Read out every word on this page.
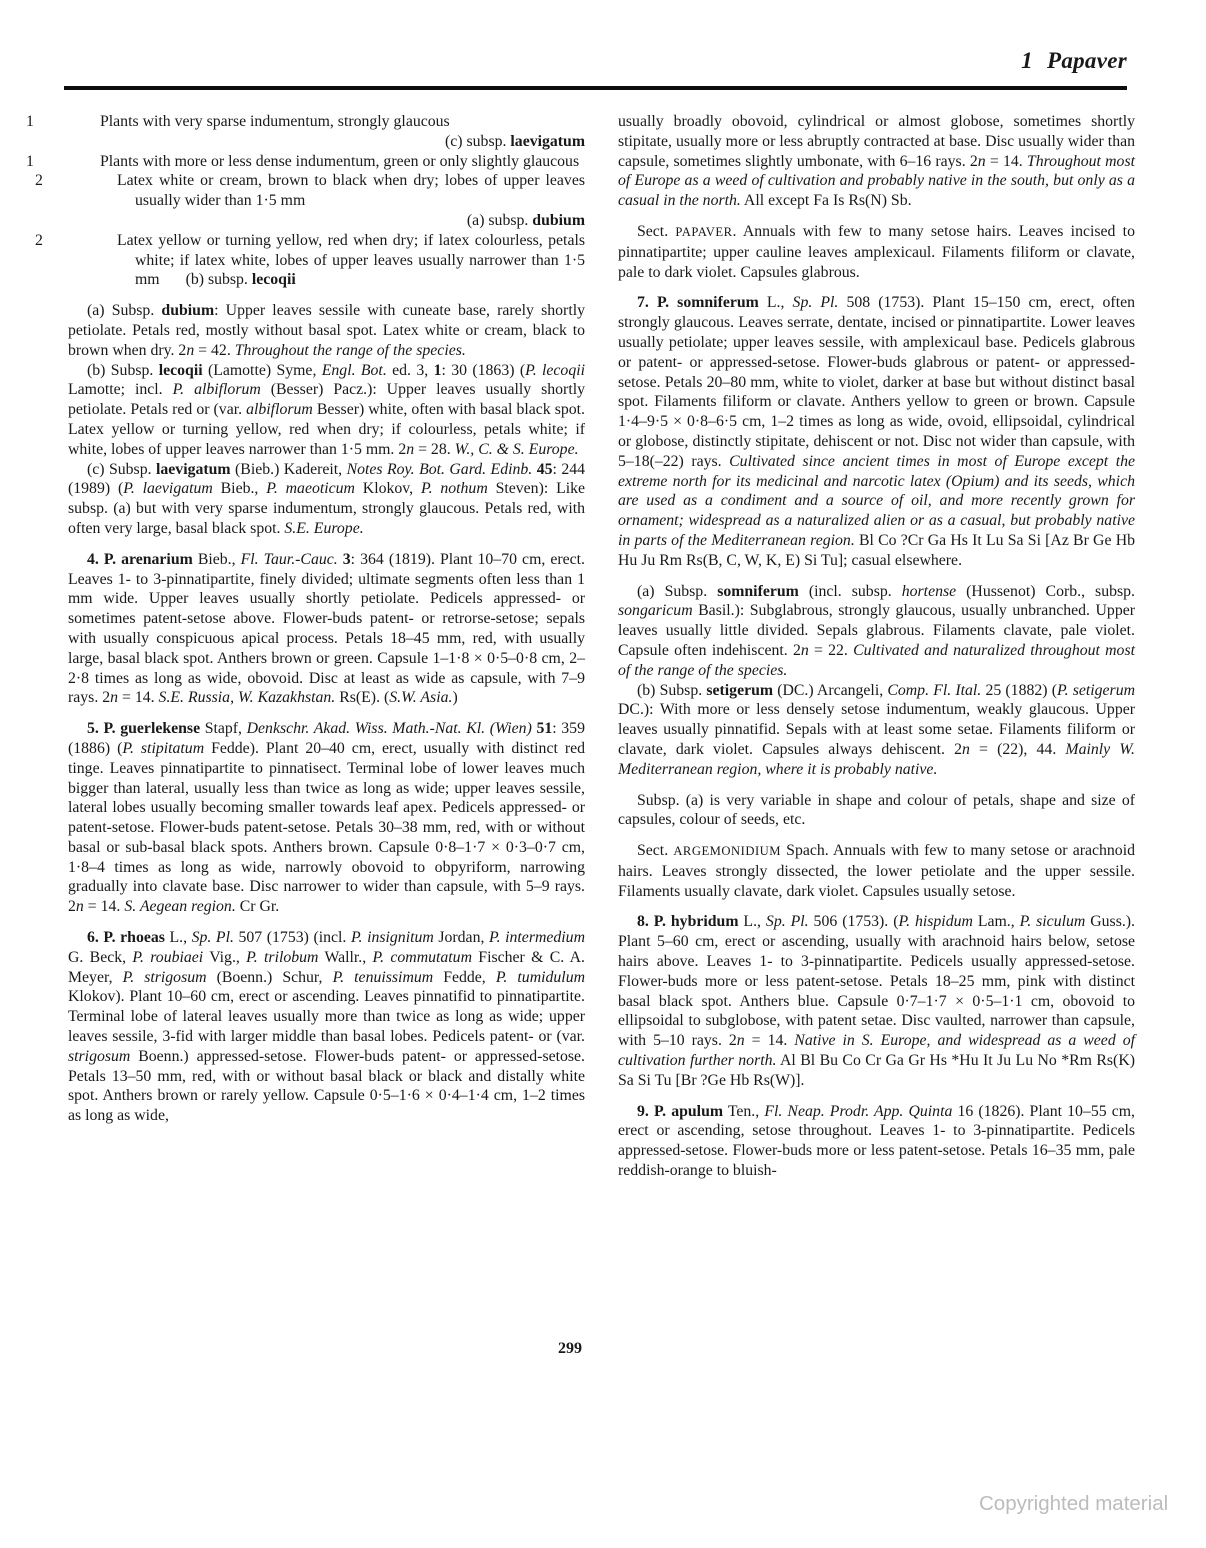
1 Papaver
1	Plants with very sparse indumentum, strongly glaucous
(c) subsp. laevigatum
1	Plants with more or less dense indumentum, green or only slightly glaucous
2	Latex white or cream, brown to black when dry; lobes of upper leaves usually wider than 1·5 mm
(a) subsp. dubium
2	Latex yellow or turning yellow, red when dry; if latex colourless, petals white; if latex white, lobes of upper leaves usually narrower than 1·5 mm (b) subsp. lecoqii
(a) Subsp. dubium: Upper leaves sessile with cuneate base, rarely shortly petiolate. Petals red, mostly without basal spot. Latex white or cream, black to brown when dry. 2n = 42. Throughout the range of the species.
(b) Subsp. lecoqii (Lamotte) Syme, Engl. Bot. ed. 3, 1: 30 (1863) (P. lecoqii Lamotte; incl. P. albiflorum (Besser) Pacz.): Upper leaves usually shortly petiolate. Petals red or (var. albiflorum Besser) white, often with basal black spot. Latex yellow or turning yellow, red when dry; if colourless, petals white; if white, lobes of upper leaves narrower than 1·5 mm. 2n = 28. W., C. & S. Europe.
(c) Subsp. laevigatum (Bieb.) Kadereit, Notes Roy. Bot. Gard. Edinb. 45: 244 (1989) (P. laevigatum Bieb., P. maeoticum Klokov, P. nothum Steven): Like subsp. (a) but with very sparse indumentum, strongly glaucous. Petals red, with often very large, basal black spot. S.E. Europe.
4. P. arenarium Bieb., Fl. Taur.-Cauc. 3: 364 (1819). Plant 10–70 cm, erect. Leaves 1- to 3-pinnatipartite, finely divided; ultimate segments often less than 1 mm wide. Upper leaves usually shortly petiolate. Pedicels appressed- or sometimes patent-setose above. Flower-buds patent- or retrorse-setose; sepals with usually conspicuous apical process. Petals 18–45 mm, red, with usually large, basal black spot. Anthers brown or green. Capsule 1–1·8 × 0·5–0·8 cm, 2–2·8 times as long as wide, obovoid. Disc at least as wide as capsule, with 7–9 rays. 2n = 14. S.E. Russia, W. Kazakhstan. Rs(E). (S.W. Asia.)
5. P. guerlekense Stapf, Denkschr. Akad. Wiss. Math.-Nat. Kl. (Wien) 51: 359 (1886) (P. stipitatum Fedde). Plant 20–40 cm, erect, usually with distinct red tinge. Leaves pinnatipartite to pinnatisect. Terminal lobe of lower leaves much bigger than lateral, usually less than twice as long as wide; upper leaves sessile, lateral lobes usually becoming smaller towards leaf apex. Pedicels appressed- or patent-setose. Flower-buds patent-setose. Petals 30–38 mm, red, with or without basal or sub-basal black spots. Anthers brown. Capsule 0·8–1·7 × 0·3–0·7 cm, 1·8–4 times as long as wide, narrowly obovoid to obpyriform, narrowing gradually into clavate base. Disc narrower to wider than capsule, with 5–9 rays. 2n = 14. S. Aegean region. Cr Gr.
6. P. rhoeas L., Sp. Pl. 507 (1753) (incl. P. insignitum Jordan, P. intermedium G. Beck, P. roubiaei Vig., P. trilobum Wallr., P. commutatum Fischer & C. A. Meyer, P. strigosum (Boenn.) Schur, P. tenuissimum Fedde, P. tumidulum Klokov). Plant 10–60 cm, erect or ascending. Leaves pinnatifid to pinnatipartite. Terminal lobe of lateral leaves usually more than twice as long as wide; upper leaves sessile, 3-fid with larger middle than basal lobes. Pedicels patent- or (var. strigosum Boenn.) appressed-setose. Flower-buds patent- or appressed-setose. Petals 13–50 mm, red, with or without basal black or black and distally white spot. Anthers brown or rarely yellow. Capsule 0·5–1·6 × 0·4–1·4 cm, 1–2 times as long as wide,
usually broadly obovoid, cylindrical or almost globose, sometimes shortly stipitate, usually more or less abruptly contracted at base. Disc usually wider than capsule, sometimes slightly umbonate, with 6–16 rays. 2n = 14. Throughout most of Europe as a weed of cultivation and probably native in the south, but only as a casual in the north. All except Fa Is Rs(N) Sb.
Sect. PAPAVER. Annuals with few to many setose hairs. Leaves incised to pinnatipartite; upper cauline leaves amplexicaul. Filaments filiform or clavate, pale to dark violet. Capsules glabrous.
7. P. somniferum L., Sp. Pl. 508 (1753). Plant 15–150 cm, erect, often strongly glaucous. Leaves serrate, dentate, incised or pinnatipartite. Lower leaves usually petiolate; upper leaves sessile, with amplexicaul base. Pedicels glabrous or patent- or appressed-setose. Flower-buds glabrous or patent- or appressed-setose. Petals 20–80 mm, white to violet, darker at base but without distinct basal spot. Filaments filiform or clavate. Anthers yellow to green or brown. Capsule 1·4–9·5 × 0·8–6·5 cm, 1–2 times as long as wide, ovoid, ellipsoidal, cylindrical or globose, distinctly stipitate, dehiscent or not. Disc not wider than capsule, with 5–18(–22) rays. Cultivated since ancient times in most of Europe except the extreme north for its medicinal and narcotic latex (Opium) and its seeds, which are used as a condiment and a source of oil, and more recently grown for ornament; widespread as a naturalized alien or as a casual, but probably native in parts of the Mediterranean region. Bl Co ?Cr Ga Hs It Lu Sa Si [Az Br Ge Hb Hu Ju Rm Rs(B, C, W, K, E) Si Tu]; casual elsewhere.
(a) Subsp. somniferum (incl. subsp. hortense (Hussenot) Corb., subsp. songaricum Basil.): Subglabrous, strongly glaucous, usually unbranched. Upper leaves usually little divided. Sepals glabrous. Filaments clavate, pale violet. Capsule often indehiscent. 2n = 22. Cultivated and naturalized throughout most of the range of the species.
(b) Subsp. setigerum (DC.) Arcangeli, Comp. Fl. Ital. 25 (1882) (P. setigerum DC.): With more or less densely setose indumentum, weakly glaucous. Upper leaves usually pinnatifid. Sepals with at least some setae. Filaments filiform or clavate, dark violet. Capsules always dehiscent. 2n = (22), 44. Mainly W. Mediterranean region, where it is probably native.
Subsp. (a) is very variable in shape and colour of petals, shape and size of capsules, colour of seeds, etc.
Sect. ARGEMONIDIUM Spach. Annuals with few to many setose or arachnoid hairs. Leaves strongly dissected, the lower petiolate and the upper sessile. Filaments usually clavate, dark violet. Capsules usually setose.
8. P. hybridum L., Sp. Pl. 506 (1753). (P. hispidum Lam., P. siculum Guss.). Plant 5–60 cm, erect or ascending, usually with arachnoid hairs below, setose hairs above. Leaves 1- to 3-pinnatipartite. Pedicels usually appressed-setose. Flower-buds more or less patent-setose. Petals 18–25 mm, pink with distinct basal black spot. Anthers blue. Capsule 0·7–1·7 × 0·5–1·1 cm, obovoid to ellipsoidal to subglobose, with patent setae. Disc vaulted, narrower than capsule, with 5–10 rays. 2n = 14. Native in S. Europe, and widespread as a weed of cultivation further north. Al Bl Bu Co Cr Ga Gr Hs *Hu It Ju Lu No *Rm Rs(K) Sa Si Tu [Br ?Ge Hb Rs(W)].
9. P. apulum Ten., Fl. Neap. Prodr. App. Quinta 16 (1826). Plant 10–55 cm, erect or ascending, setose throughout. Leaves 1- to 3-pinnatipartite. Pedicels appressed-setose. Flower-buds more or less patent-setose. Petals 16–35 mm, pale reddish-orange to bluish-
299
Copyrighted material
